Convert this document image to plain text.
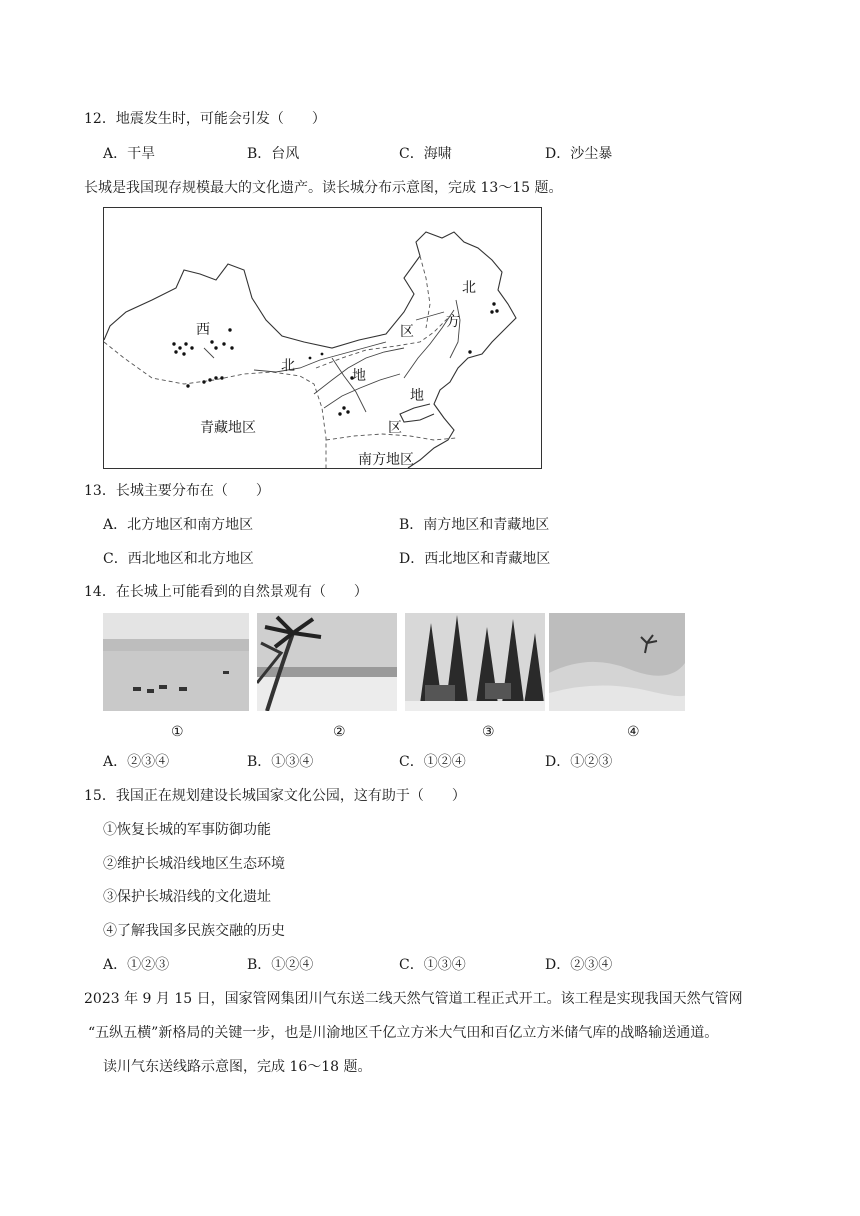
12．地震发生时，可能会引发（　　）
A．干旱	B．台风	C．海啸	D．沙尘暴
长城是我国现存规模最大的文化遗产。读长城分布示意图，完成 13～15 题。
西
北
地
区
北
方
地
区
青藏地区
南方地区
13．长城主要分布在（　　）
A．北方地区和南方地区	B．南方地区和青藏地区
C．西北地区和北方地区	D．西北地区和青藏地区
14．在长城上可能看到的自然景观有（　　）
①	②	③	④
A．②③④	B．①③④	C．①②④	D．①②③
15．我国正在规划建设长城国家文化公园，这有助于（　　）
①恢复长城的军事防御功能
②维护长城沿线地区生态环境
③保护长城沿线的文化遗址
④了解我国多民族交融的历史
A．①②③	B．①②④	C．①③④	D．②③④
2023 年 9 月 15 日，国家管网集团川气东送二线天然气管道工程正式开工。该工程是实现我国天然气管网
“五纵五横”新格局的关键一步，也是川渝地区千亿立方米大气田和百亿立方米储气库的战略输送通道。
读川气东送线路示意图，完成 16～18 题。
